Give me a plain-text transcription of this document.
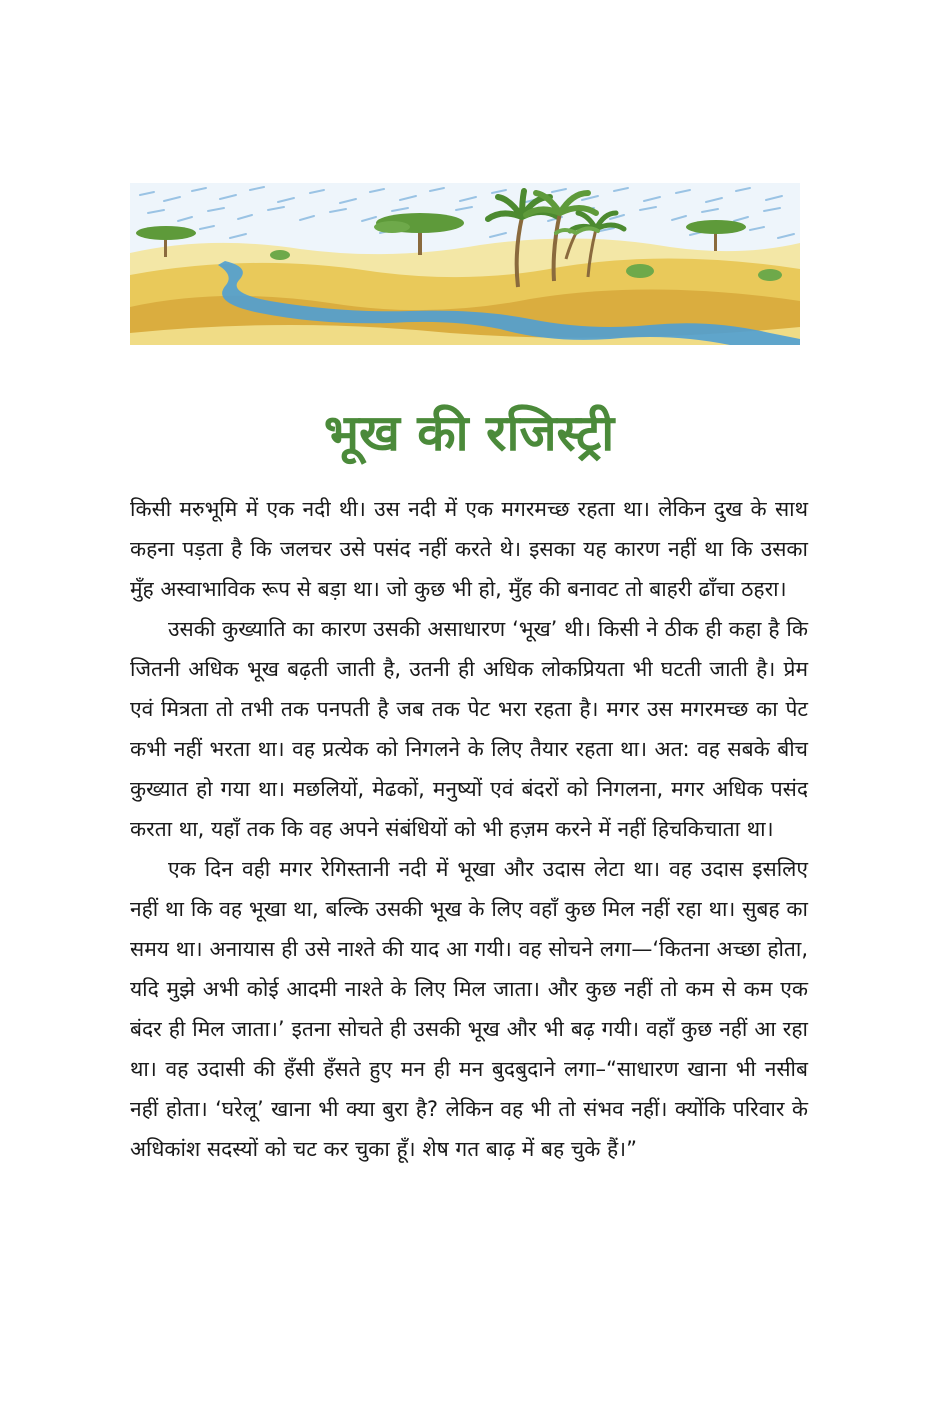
भूख की रजिस्ट्री

किसी मरुभूमि में एक नदी थी। उस नदी में एक मगरमच्छ रहता था। लेकिन दुख के साथ कहना पड़ता है कि जलचर उसे पसंद नहीं करते थे। इसका यह कारण नहीं था कि उसका मुँह अस्वाभाविक रूप से बड़ा था। जो कुछ भी हो, मुँह की बनावट तो बाहरी ढाँचा ठहरा।

उसकी कुख्याति का कारण उसकी असाधारण ‘भूख’ थी। किसी ने ठीक ही कहा है कि जितनी अधिक भूख बढ़ती जाती है, उतनी ही अधिक लोकप्रियता भी घटती जाती है। प्रेम एवं मित्रता तो तभी तक पनपती है जब तक पेट भरा रहता है। मगर उस मगरमच्छ का पेट कभी नहीं भरता था। वह प्रत्येक को निगलने के लिए तैयार रहता था। अत: वह सबके बीच कुख्यात हो गया था। मछलियों, मेढकों, मनुष्यों एवं बंदरों को निगलना, मगर अधिक पसंद करता था, यहाँ तक कि वह अपने संबंधियों को भी हज़म करने में नहीं हिचकिचाता था।

एक दिन वही मगर रेगिस्तानी नदी में भूखा और उदास लेटा था। वह उदास इसलिए नहीं था कि वह भूखा था, बल्कि उसकी भूख के लिए वहाँ कुछ मिल नहीं रहा था। सुबह का समय था। अनायास ही उसे नाश्ते की याद आ गयी। वह सोचने लगा—‘कितना अच्छा होता, यदि मुझे अभी कोई आदमी नाश्ते के लिए मिल जाता। और कुछ नहीं तो कम से कम एक बंदर ही मिल जाता।’ इतना सोचते ही उसकी भूख और भी बढ़ गयी। वहाँ कुछ नहीं आ रहा था। वह उदासी की हँसी हँसते हुए मन ही मन बुदबुदाने लगा–“साधारण खाना भी नसीब नहीं होता। ‘घरेलू’ खाना भी क्या बुरा है? लेकिन वह भी तो संभव नहीं। क्योंकि परिवार के अधिकांश सदस्यों को चट कर चुका हूँ। शेष गत बाढ़ में बह चुके हैं।”
